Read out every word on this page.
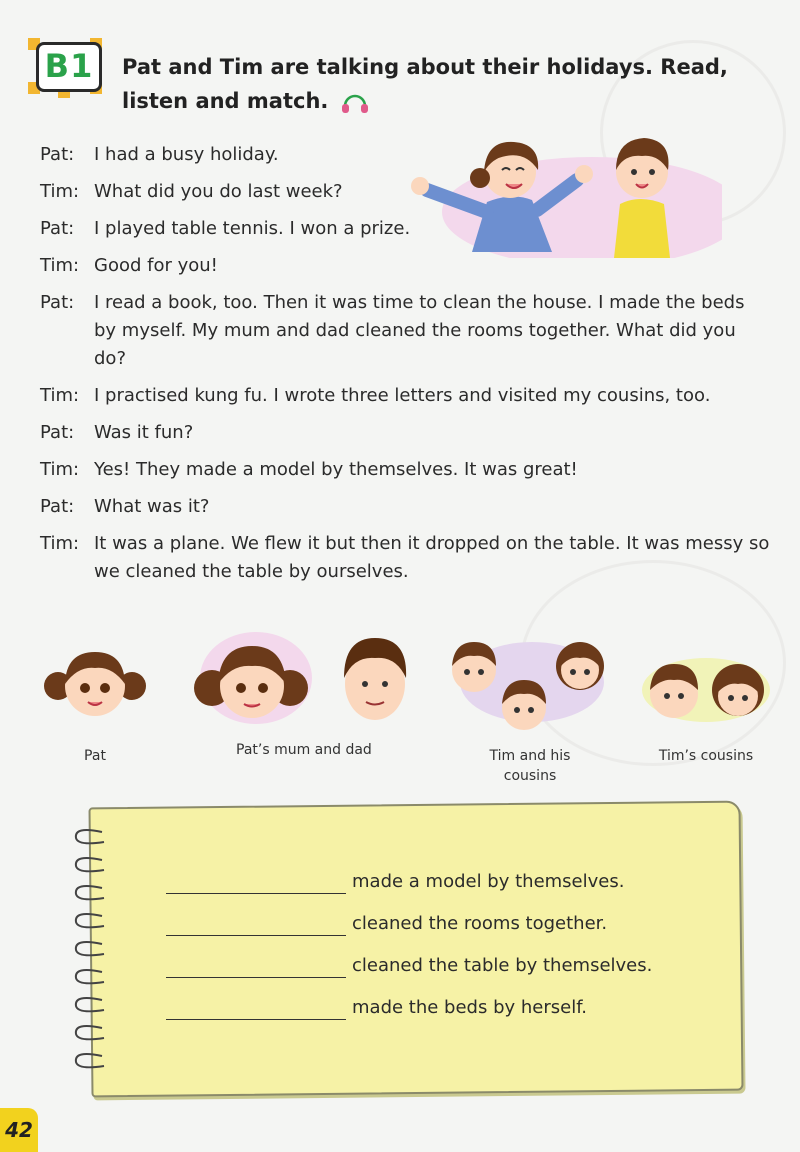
B1	Pat and Tim are talking about their holidays. Read, listen and match.
Pat:	I had a busy holiday.
Tim: What did you do last week?
Pat:	I played table tennis. I won a prize.
Tim: Good for you!
Pat:	I read a book, too. Then it was time to clean the house. I made the beds by myself. My mum and dad cleaned the rooms together. What did you do?
Tim: I practised kung fu. I wrote three letters and visited my cousins, too.
Pat:	Was it fun?
Tim: Yes! They made a model by themselves. It was great!
Pat:	What was it?
Tim: It was a plane. We flew it but then it dropped on the table. It was messy so we cleaned the table by ourselves.
Pat	Pat’s mum and dad	Tim and his cousins
Tim’s cousins
made a model by themselves.
cleaned the rooms together.
cleaned the table by themselves.
made the beds by herself.
42
